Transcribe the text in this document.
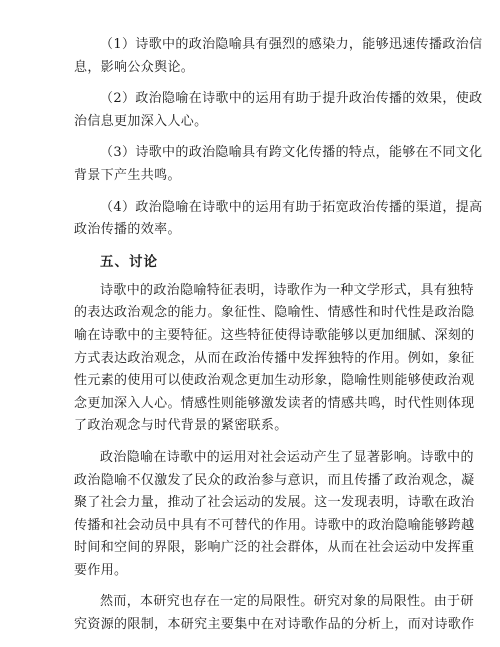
（1）诗歌中的政治隐喻具有强烈的感染力，能够迅速传播政治信
息，影响公众舆论。
（2）政治隐喻在诗歌中的运用有助于提升政治传播的效果，使政
治信息更加深入人心。
（3）诗歌中的政治隐喻具有跨文化传播的特点，能够在不同文化
背景下产生共鸣。
（4）政治隐喻在诗歌中的运用有助于拓宽政治传播的渠道，提高
政治传播的效率。
五、讨论
诗歌中的政治隐喻特征表明，诗歌作为一种文学形式，具有独特
的表达政治观念的能力。象征性、隐喻性、情感性和时代性是政治隐
喻在诗歌中的主要特征。这些特征使得诗歌能够以更加细腻、深刻的
方式表达政治观念，从而在政治传播中发挥独特的作用。例如，象征
性元素的使用可以使政治观念更加生动形象，隐喻性则能够使政治观
念更加深入人心。情感性则能够激发读者的情感共鸣，时代性则体现
了政治观念与时代背景的紧密联系。
政治隐喻在诗歌中的运用对社会运动产生了显著影响。诗歌中的
政治隐喻不仅激发了民众的政治参与意识，而且传播了政治观念，凝
聚了社会力量，推动了社会运动的发展。这一发现表明，诗歌在政治
传播和社会动员中具有不可替代的作用。诗歌中的政治隐喻能够跨越
时间和空间的界限，影响广泛的社会群体，从而在社会运动中发挥重
要作用。
然而，本研究也存在一定的局限性。研究对象的局限性。由于研
究资源的限制，本研究主要集中在对诗歌作品的分析上，而对诗歌作
